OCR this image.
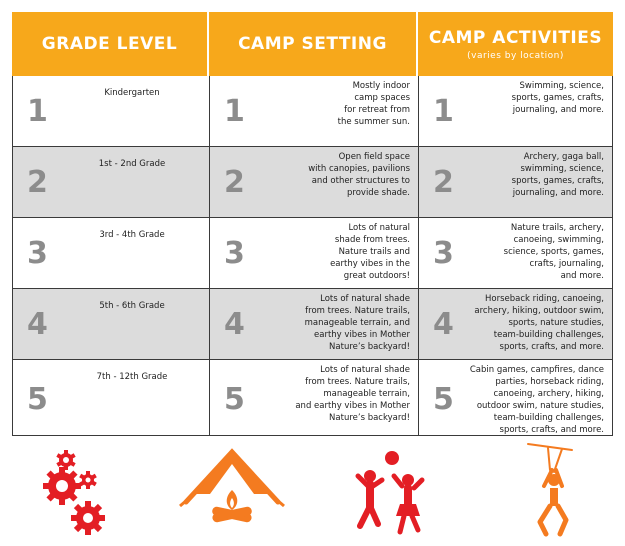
GRADE LEVEL	CAMP SETTING CAMP ACTIVITIES
(varies by location)
1
Kindergarten
1
Mostly indoor
camp spaces
for retreat from
the summer sun. 1
Swimming, science,
sports, games, crafts,
journaling, and more.
2
1st - 2nd Grade
2
Open field space
with canopies, pavilions
and other structures to
provide shade. 2
Archery, gaga ball,
swimming, science,
sports, games, crafts,
journaling, and more.
3
3rd - 4th Grade
3
Lots of natural
shade from trees.
Nature trails and
earthy vibes in the
great outdoors!
3
Nature trails, archery,
canoeing, swimming,
science, sports, games,
crafts, journaling,
and more.
4
5th - 6th Grade
4
Lots of natural shade
from trees. Nature trails,
manageable terrain, and
earthy vibes in Mother
Nature’s backyard!
4
Horseback riding, canoeing,
archery, hiking, outdoor swim,
sports, nature studies,
team-building challenges,
sports, crafts, and more.
5
7th - 12th Grade
5
Lots of natural shade
from trees. Nature trails,
manageable terrain,
and earthy vibes in Mother
Nature’s backyard!
5
Cabin games, campfires, dance
parties, horseback riding,
canoeing, archery, hiking,
outdoor swim, nature studies,
team-building challenges,
sports, crafts, and more.
